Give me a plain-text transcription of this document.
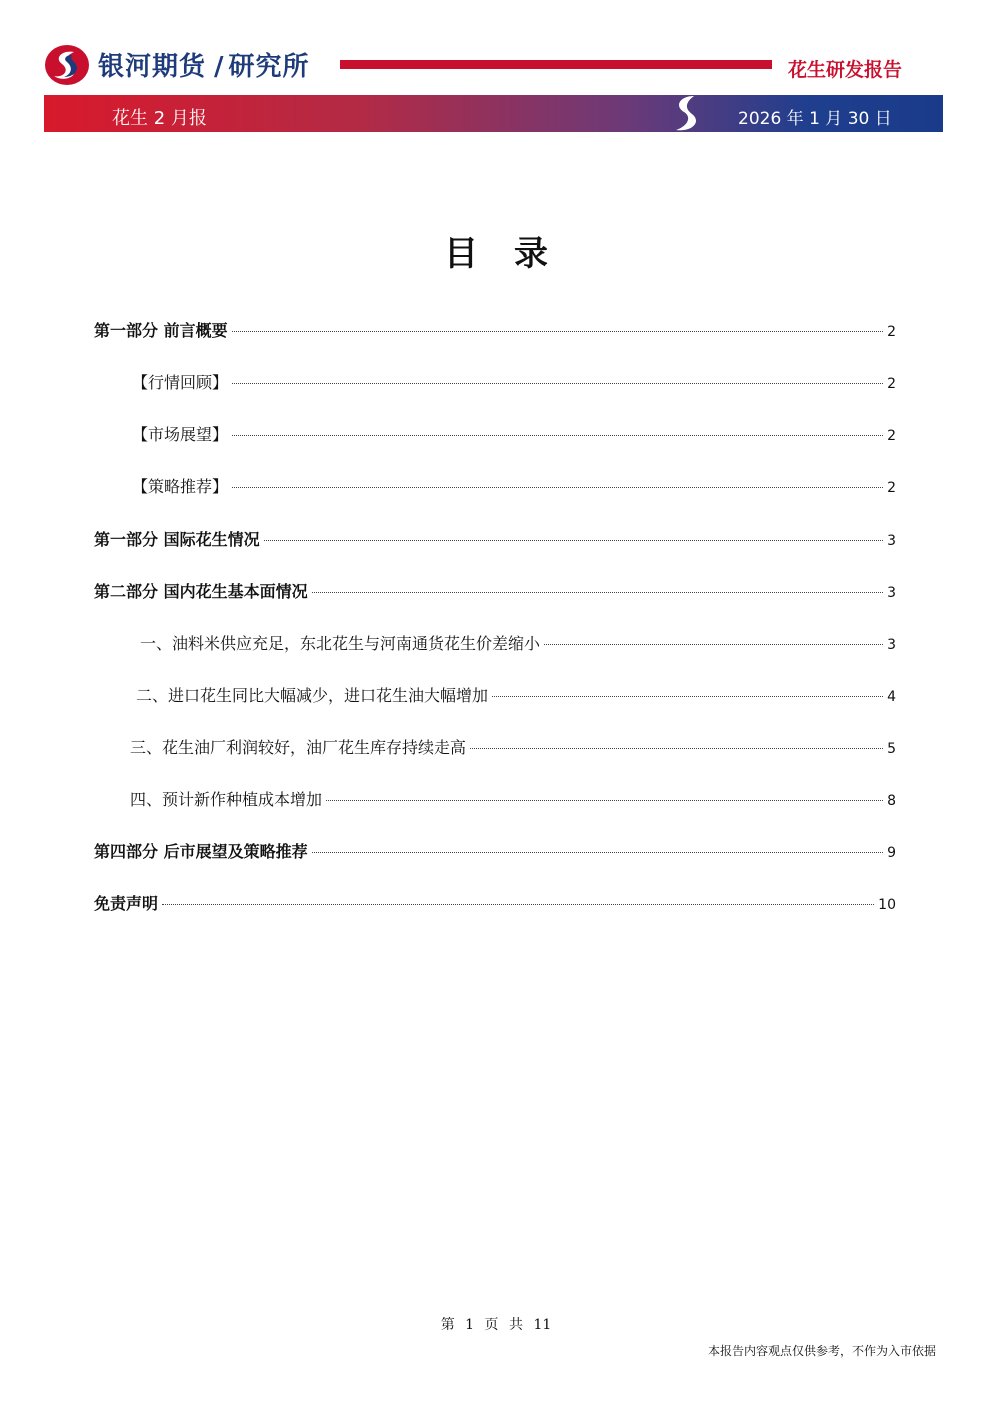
银河期货 / 研究所	花生研发报告
花生 2 月报	2026 年 1 月 30 日
目录
第一部分 前言概要	2
【行情回顾】	2
【市场展望】	2
【策略推荐】	2
第一部分 国际花生情况	3
第二部分 国内花生基本面情况	3
一、油料米供应充足，东北花生与河南通货花生价差缩小	3
二、进口花生同比大幅减少，进口花生油大幅增加	4
三、花生油厂利润较好，油厂花生库存持续走高	5
四、预计新作种植成本增加	8
第四部分 后市展望及策略推荐	9
免责声明	10
第 1 页 共 11
本报告内容观点仅供参考，不作为入市依据
